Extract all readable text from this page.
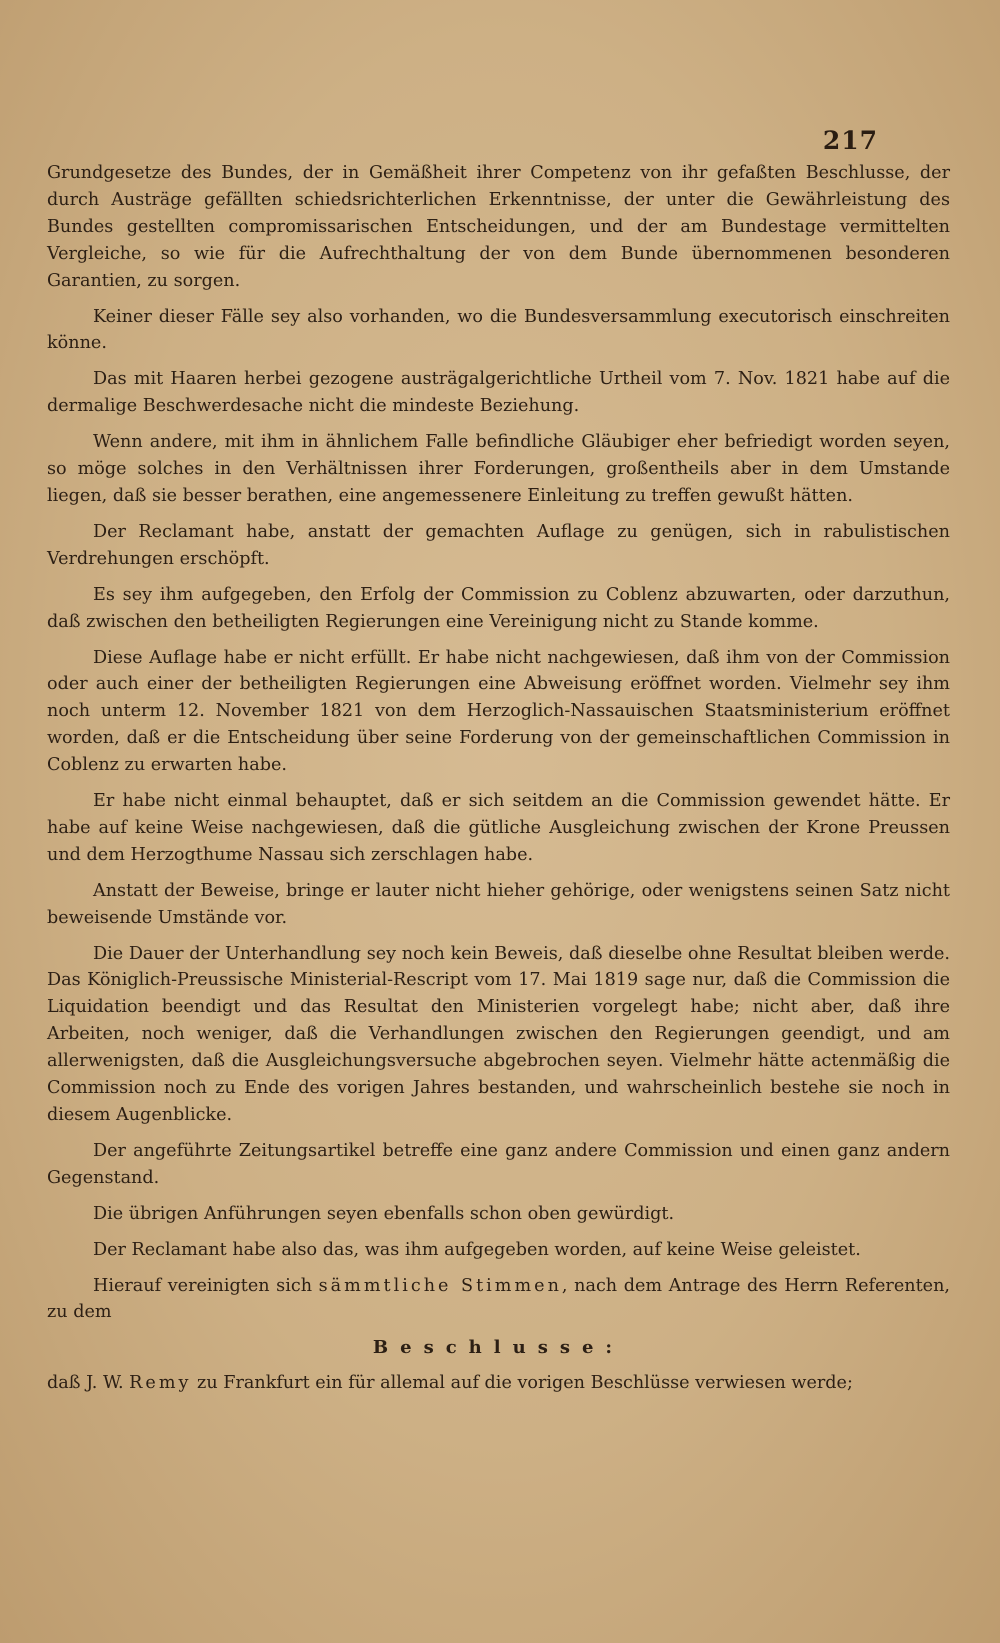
217

Grundgesetze des Bundes, der in Gemäßheit ihrer Competenz von ihr gefaßten Beschlusse, der durch Austräge gefällten schiedsrichterlichen Erkenntnisse, der unter die Gewährleistung des Bundes gestellten compromissarischen Entscheidungen, und der am Bundestage vermittelten Vergleiche, so wie für die Aufrechthaltung der von dem Bunde übernommenen besonderen Garantien, zu sorgen.

Keiner dieser Fälle sey also vorhanden, wo die Bundesversammlung executorisch einschreiten könne.

Das mit Haaren herbei gezogene austrägalgerichtliche Urtheil vom 7. Nov. 1821 habe auf die dermalige Beschwerdesache nicht die mindeste Beziehung.

Wenn andere, mit ihm in ähnlichem Falle befindliche Gläubiger eher befriedigt worden seyen, so möge solches in den Verhältnissen ihrer Forderungen, großentheils aber in dem Umstande liegen, daß sie besser berathen, eine angemessenere Einleitung zu treffen gewußt hätten.

Der Reclamant habe, anstatt der gemachten Auflage zu genügen, sich in rabulistischen Verdrehungen erschöpft.

Es sey ihm aufgegeben, den Erfolg der Commission zu Coblenz abzuwarten, oder darzuthun, daß zwischen den betheiligten Regierungen eine Vereinigung nicht zu Stande komme.

Diese Auflage habe er nicht erfüllt. Er habe nicht nachgewiesen, daß ihm von der Commission oder auch einer der betheiligten Regierungen eine Abweisung eröffnet worden. Vielmehr sey ihm noch unterm 12. November 1821 von dem Herzoglich-Nassauischen Staatsministerium eröffnet worden, daß er die Entscheidung über seine Forderung von der gemeinschaftlichen Commission in Coblenz zu erwarten habe.

Er habe nicht einmal behauptet, daß er sich seitdem an die Commission gewendet hätte. Er habe auf keine Weise nachgewiesen, daß die gütliche Ausgleichung zwischen der Krone Preussen und dem Herzogthume Nassau sich zerschlagen habe.

Anstatt der Beweise, bringe er lauter nicht hieher gehörige, oder wenigstens seinen Satz nicht beweisende Umstände vor.

Die Dauer der Unterhandlung sey noch kein Beweis, daß dieselbe ohne Resultat bleiben werde. Das Königlich-Preussische Ministerial-Rescript vom 17. Mai 1819 sage nur, daß die Commission die Liquidation beendigt und das Resultat den Ministerien vorgelegt habe; nicht aber, daß ihre Arbeiten, noch weniger, daß die Verhandlungen zwischen den Regierungen geendigt, und am allerwenigsten, daß die Ausgleichungsversuche abgebrochen seyen. Vielmehr hätte actenmäßig die Commission noch zu Ende des vorigen Jahres bestanden, und wahrscheinlich bestehe sie noch in diesem Augenblicke.

Der angeführte Zeitungsartikel betreffe eine ganz andere Commission und einen ganz andern Gegenstand.

Die übrigen Anführungen seyen ebenfalls schon oben gewürdigt.

Der Reclamant habe also das, was ihm aufgegeben worden, auf keine Weise geleistet.

Hierauf vereinigten sich sämmtliche Stimmen, nach dem Antrage des Herrn Referenten, zu dem

Beschlusse:

daß J. W. Remy zu Frankfurt ein für allemal auf die vorigen Beschlüsse verwiesen werde;
